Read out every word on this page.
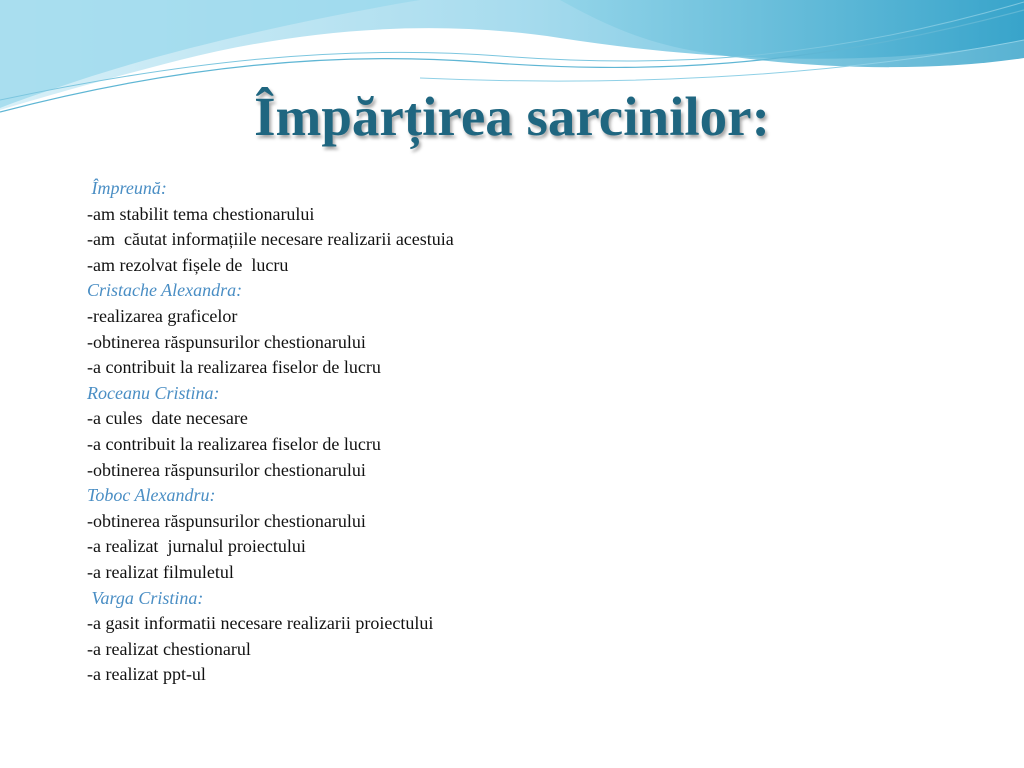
Împărțirea sarcinilor:
Împreună:
-am stabilit tema chestionarului
-am  căutat informațiile necesare realizarii acestuia
-am rezolvat fișele de  lucru
Cristache Alexandra:
-realizarea graficelor
-obtinerea răspunsurilor chestionarului
-a contribuit la realizarea fiselor de lucru
Roceanu Cristina:
-a cules  date necesare
-a contribuit la realizarea fiselor de lucru
-obtinerea răspunsurilor chestionarului
Toboc Alexandru:
-obtinerea răspunsurilor chestionarului
-a realizat  jurnalul proiectului
-a realizat filmuletul
Varga Cristina:
-a gasit informatii necesare realizarii proiectului
-a realizat chestionarul
-a realizat ppt-ul
